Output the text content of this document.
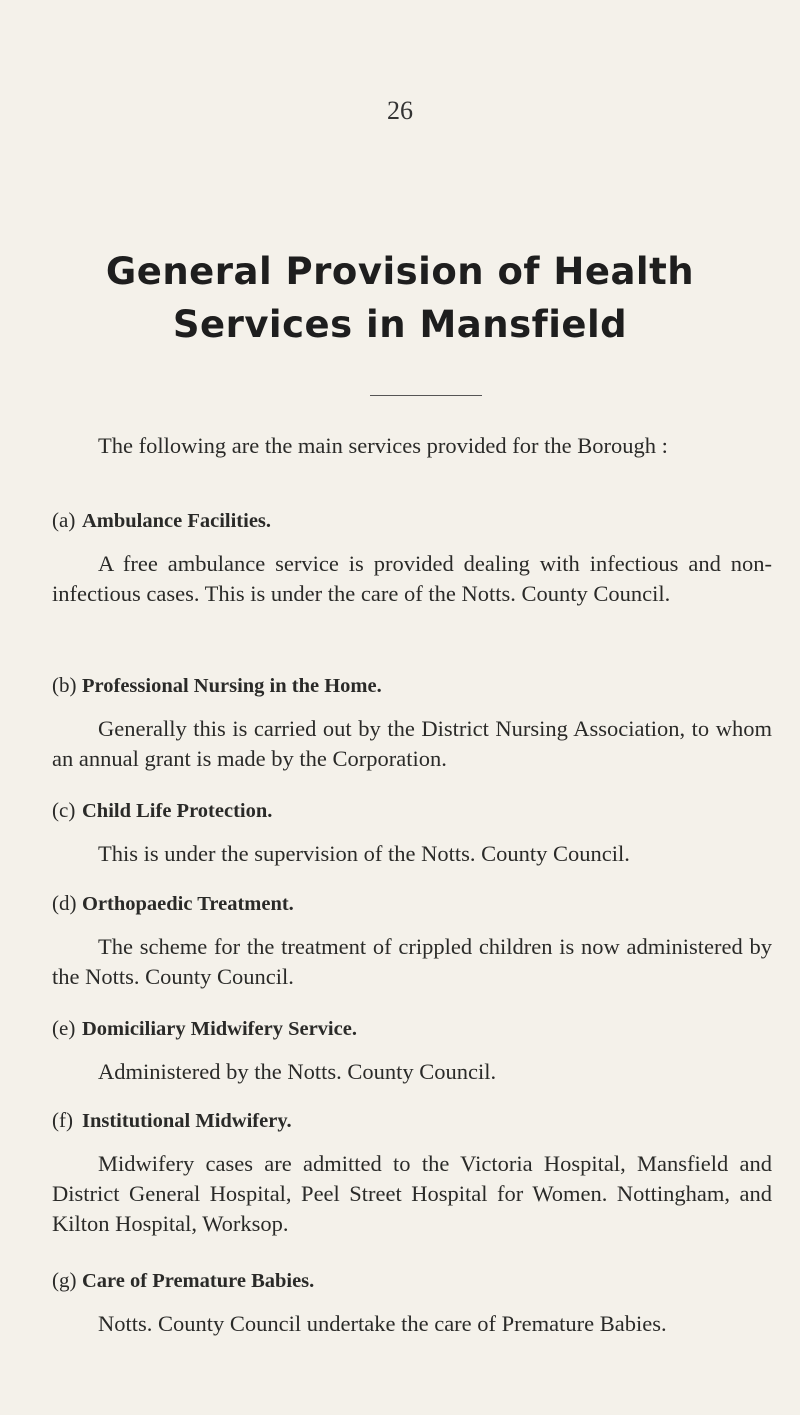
26
General Provision of Health
Services in Mansfield
The following are the main services provided for the Borough :
(a) Ambulance Facilities.

A free ambulance service is provided dealing with infectious and non-infectious cases. This is under the care of the Notts. County Council.

(b) Professional Nursing in the Home.

Generally this is carried out by the District Nursing Association, to whom an annual grant is made by the Corporation.

(c) Child Life Protection.

This is under the supervision of the Notts. County Council.

(d) Orthopaedic Treatment.

The scheme for the treatment of crippled children is now administered by the Notts. County Council.

(e) Domiciliary Midwifery Service.

Administered by the Notts. County Council.

(f) Institutional Midwifery.

Midwifery cases are admitted to the Victoria Hospital, Mansfield and District General Hospital, Peel Street Hospital for Women. Nottingham, and Kilton Hospital, Worksop.

(g) Care of Premature Babies.

Notts. County Council undertake the care of Premature Babies.
